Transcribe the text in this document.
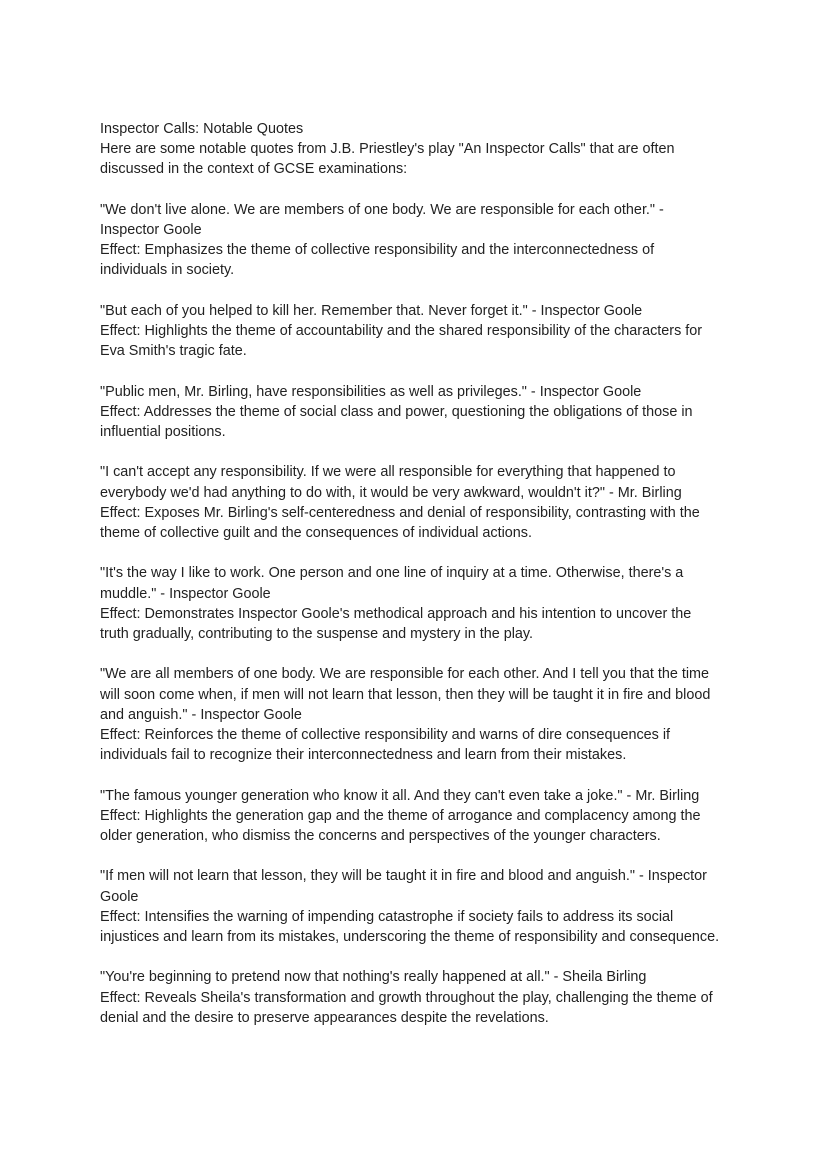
Inspector Calls: Notable Quotes

Here are some notable quotes from J.B. Priestley's play "An Inspector Calls" that are often discussed in the context of GCSE examinations:

"We don't live alone. We are members of one body. We are responsible for each other." - Inspector Goole

Effect: Emphasizes the theme of collective responsibility and the interconnectedness of individuals in society.

"But each of you helped to kill her. Remember that. Never forget it." - Inspector Goole

Effect: Highlights the theme of accountability and the shared responsibility of the characters for Eva Smith's tragic fate.

"Public men, Mr. Birling, have responsibilities as well as privileges." - Inspector Goole

Effect: Addresses the theme of social class and power, questioning the obligations of those in influential positions.

"I can't accept any responsibility. If we were all responsible for everything that happened to everybody we'd had anything to do with, it would be very awkward, wouldn't it?" - Mr. Birling

Effect: Exposes Mr. Birling's self-centeredness and denial of responsibility, contrasting with the theme of collective guilt and the consequences of individual actions.

"It's the way I like to work. One person and one line of inquiry at a time. Otherwise, there's a muddle." - Inspector Goole

Effect: Demonstrates Inspector Goole's methodical approach and his intention to uncover the truth gradually, contributing to the suspense and mystery in the play.

"We are all members of one body. We are responsible for each other. And I tell you that the time will soon come when, if men will not learn that lesson, then they will be taught it in fire and blood and anguish." - Inspector Goole

Effect: Reinforces the theme of collective responsibility and warns of dire consequences if individuals fail to recognize their interconnectedness and learn from their mistakes.

"The famous younger generation who know it all. And they can't even take a joke." - Mr. Birling

Effect: Highlights the generation gap and the theme of arrogance and complacency among the older generation, who dismiss the concerns and perspectives of the younger characters.

"If men will not learn that lesson, they will be taught it in fire and blood and anguish." - Inspector Goole

Effect: Intensifies the warning of impending catastrophe if society fails to address its social injustices and learn from its mistakes, underscoring the theme of responsibility and consequence.

"You're beginning to pretend now that nothing's really happened at all." - Sheila Birling

Effect: Reveals Sheila's transformation and growth throughout the play, challenging the theme of denial and the desire to preserve appearances despite the revelations.
